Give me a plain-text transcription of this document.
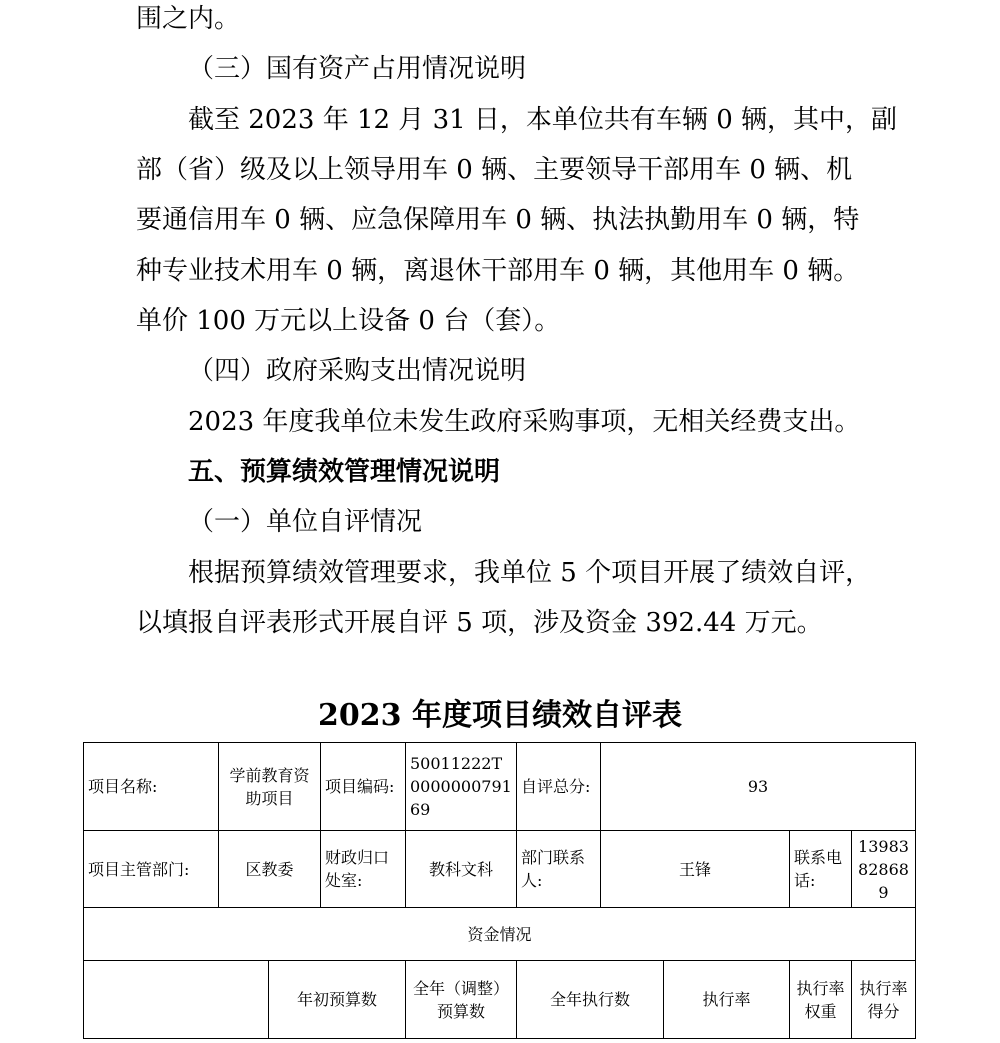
围之内。

（三）国有资产占用情况说明

截至 2023 年 12 月 31 日，本单位共有车辆 0 辆，其中，副

部（省）级及以上领导用车 0 辆、主要领导干部用车 0 辆、机

要通信用车 0 辆、应急保障用车 0 辆、执法执勤用车 0 辆，特

种专业技术用车 0 辆，离退休干部用车 0 辆，其他用车 0 辆。

单价 100 万元以上设备 0 台（套）。

（四）政府采购支出情况说明

2023 年度我单位未发生政府采购事项，无相关经费支出。

五、预算绩效管理情况说明

（一）单位自评情况

根据预算绩效管理要求，我单位 5 个项目开展了绩效自评，

以填报自评表形式开展自评 5 项，涉及资金 392.44 万元。

2023 年度项目绩效自评表
项目名称:	学前教育资助项目		项目编码:	50011222T000000079169	自评总分:	93			
项目主管部门:	区教委		财政归口处室:	教科文科	部门联系人:	王锋		联系电话:	13983828689
资金情况									
		年初预算数		全年（调整）预算数	全年执行数		执行率	执行率权重	执行率得分
